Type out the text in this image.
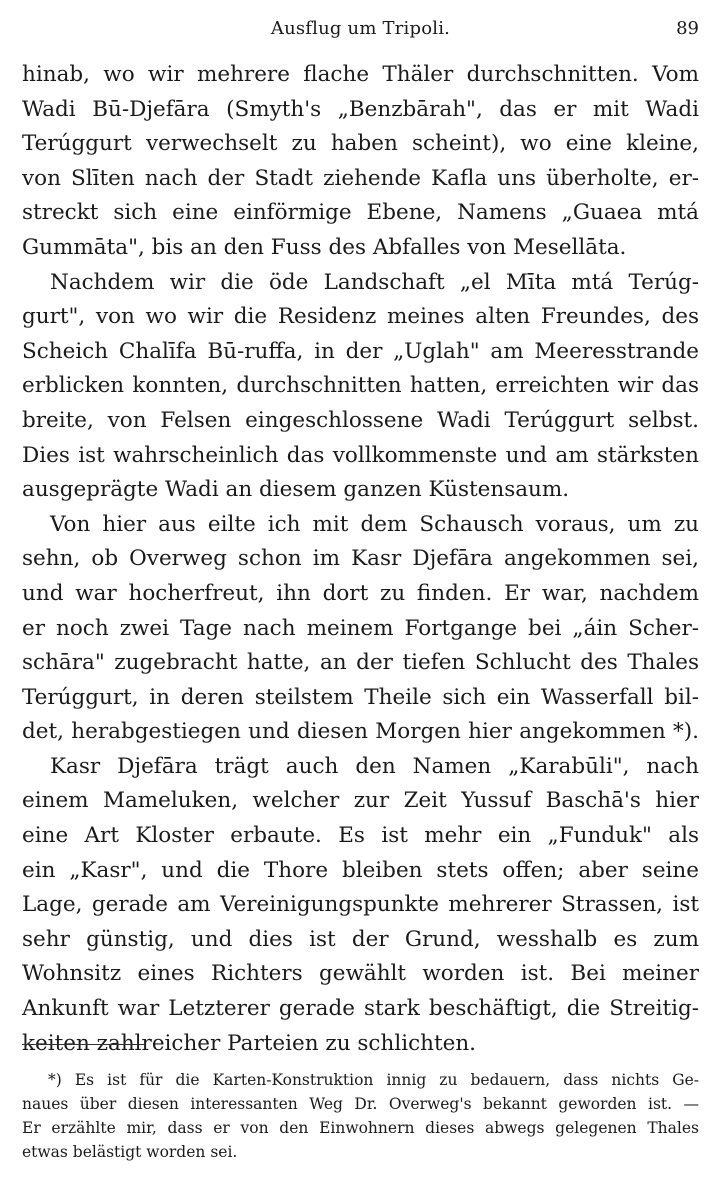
Ausflug um Tripoli.	89
hinab, wo wir mehrere flache Thäler durchschnitten. Vom
Wadi Bū-Djefāra (Smyth's „Benzbārah", das er mit Wadi
Terúggurt verwechselt zu haben scheint), wo eine kleine,
von Slīten nach der Stadt ziehende Kafla uns überholte, er-
streckt sich eine einförmige Ebene, Namens „Guaea mtá
Gummāta", bis an den Fuss des Abfalles von Mesellāta.
Nachdem wir die öde Landschaft „el Mīta mtá Terúg-
gurt", von wo wir die Residenz meines alten Freundes, des
Scheich Chalīfa Bū-ruffa, in der „Uglah" am Meeresstrande
erblicken konnten, durchschnitten hatten, erreichten wir das
breite, von Felsen eingeschlossene Wadi Terúggurt selbst.
Dies ist wahrscheinlich das vollkommenste und am stärksten
ausgeprägte Wadi an diesem ganzen Küstensaum.
Von hier aus eilte ich mit dem Schausch voraus, um zu
sehn, ob Overweg schon im Kasr Djefāra angekommen sei,
und war hocherfreut, ihn dort zu finden. Er war, nachdem
er noch zwei Tage nach meinem Fortgange bei „áin Scher-
schāra" zugebracht hatte, an der tiefen Schlucht des Thales
Terúggurt, in deren steilstem Theile sich ein Wasserfall bil-
det, herabgestiegen und diesen Morgen hier angekommen *).
Kasr Djefāra trägt auch den Namen „Karabūli", nach
einem Mameluken, welcher zur Zeit Yussuf Baschā's hier
eine Art Kloster erbaute. Es ist mehr ein „Funduk" als
ein „Kasr", und die Thore bleiben stets offen; aber seine
Lage, gerade am Vereinigungspunkte mehrerer Strassen, ist
sehr günstig, und dies ist der Grund, wesshalb es zum
Wohnsitz eines Richters gewählt worden ist. Bei meiner
Ankunft war Letzterer gerade stark beschäftigt, die Streitig-
keiten zahlreicher Parteien zu schlichten.
*) Es ist für die Karten-Konstruktion innig zu bedauern, dass nichts Ge-
naues über diesen interessanten Weg Dr. Overweg's bekannt geworden ist. —
Er erzählte mir, dass er von den Einwohnern dieses abwegs gelegenen Thales
etwas belästigt worden sei.
